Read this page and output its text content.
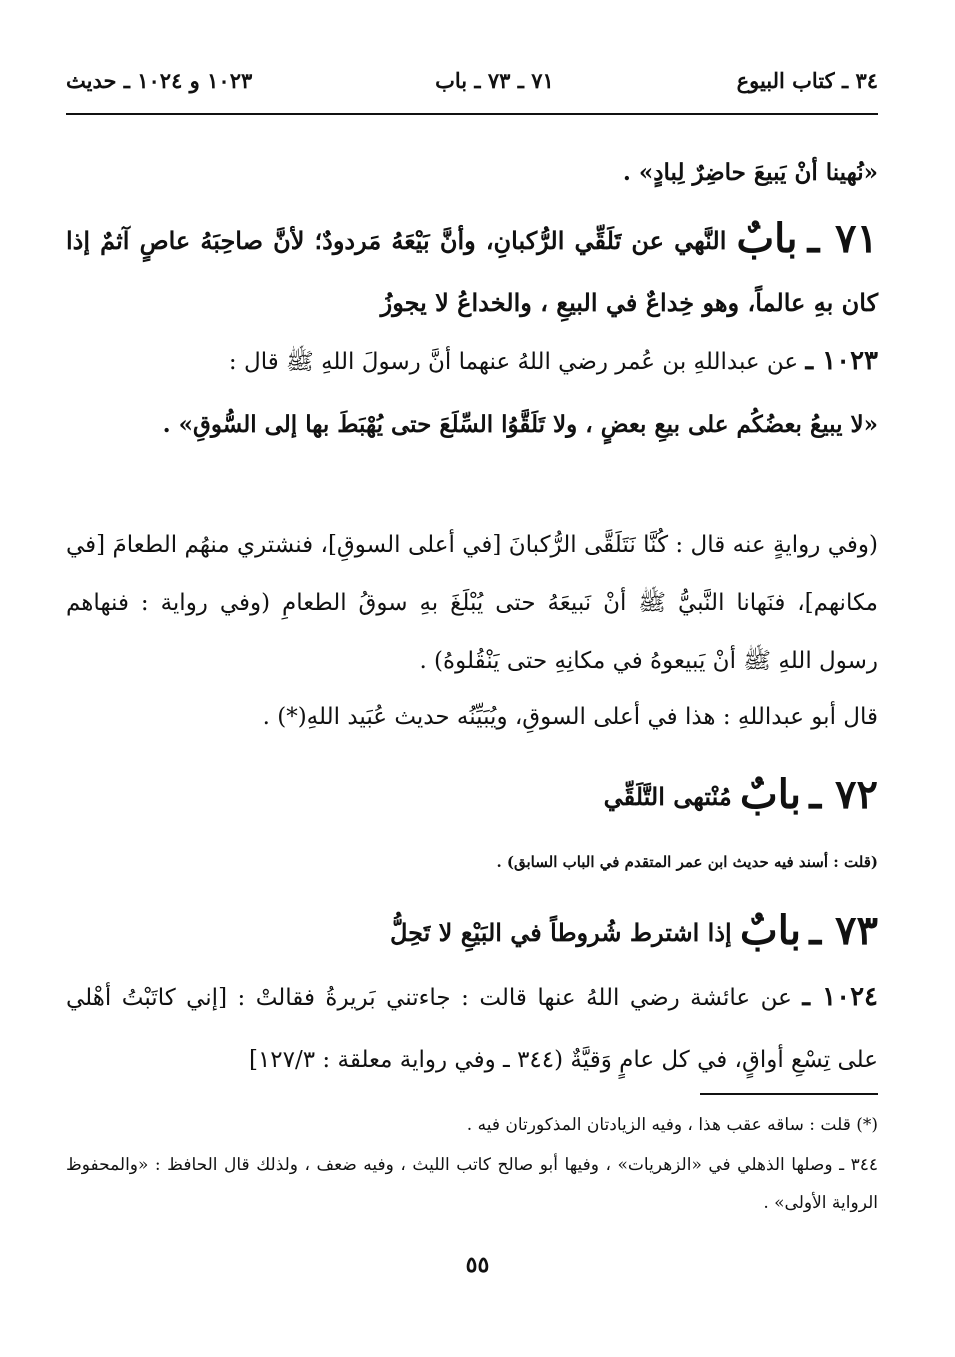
٣٤ ـ كتاب البيوع
٧١ ـ ٧٣ ـ باب
١٠٢٣ و ١٠٢٤ ـ حديث
«نُهينا أنْ يَبيعَ حاضِرٌ لِبادٍ» .
٧١ ـ بابٌ النَّهي عن تَلَقِّي الرُّكبانِ، وأنَّ بَيْعَهُ مَردودٌ؛ لأنَّ صاحِبَهُ عاصٍ آثمٌ إذا كان بهِ عالماً، وهو خِداعٌ في البيعِ ، والخداعُ لا يجوزُ
١٠٢٣ ـ عن عبداللهِ بن عُمر رضي اللهُ عنهما أنَّ رسولَ اللهِ ﷺ قال :
«لا يبيعُ بعضُكُم على بيعِ بعضٍ ، ولا تَلَقَّوُا السِّلَعَ حتى يُهْبَطَ بها إلى السُّوقِ» .
(وفي روايةٍ عنه قال : كُنَّا نَتَلَقَّى الرُّكبانَ [في أعلى السوقِ]، فنشتري منهُم الطعامَ [في مكانهم]، فنَهانا النَّبيُّ ﷺ أنْ نَبيعَهُ حتى يُبْلَغَ بهِ سوقُ الطعامِ (وفي رواية : فنهاهم رسول اللهِ ﷺ أنْ يَبيعوهُ في مكانِهِ حتى يَنْقُلوهُ) .
قال أبو عبداللهِ : هذا في أعلى السوقِ، ويُبَيِّنُه حديث عُبَيد اللهِ(*) .
٧٢ ـ بابٌ مُنْتهى التَّلَقِّي
(قلت : أسند فيه حديث ابن عمر المتقدم في الباب السابق) .
٧٣ ـ بابٌ إذا اشترط شُروطاً في البَيْعِ لا تَحِلُّ
١٠٢٤ ـ عن عائشة رضي اللهُ عنها قالت : جاءتني بَريرةُ فقالتْ : [إني كاتَبْتُ أهْلي على تِسْعِ أواقٍ، في كل عامٍ وَقيَّةٌ (٣٤٤ ـ وفي رواية معلقة : ١٢٧/٣]
(*) قلت : ساقه عقب هذا ، وفيه الزيادتان المذكورتان فيه .
٣٤٤ ـ وصلها الذهلي في «الزهريات» ، وفيها أبو صالح كاتب الليث ، وفيه ضعف ، ولذلك قال الحافظ : «والمحفوظ الرواية الأولى» .
٥٥
